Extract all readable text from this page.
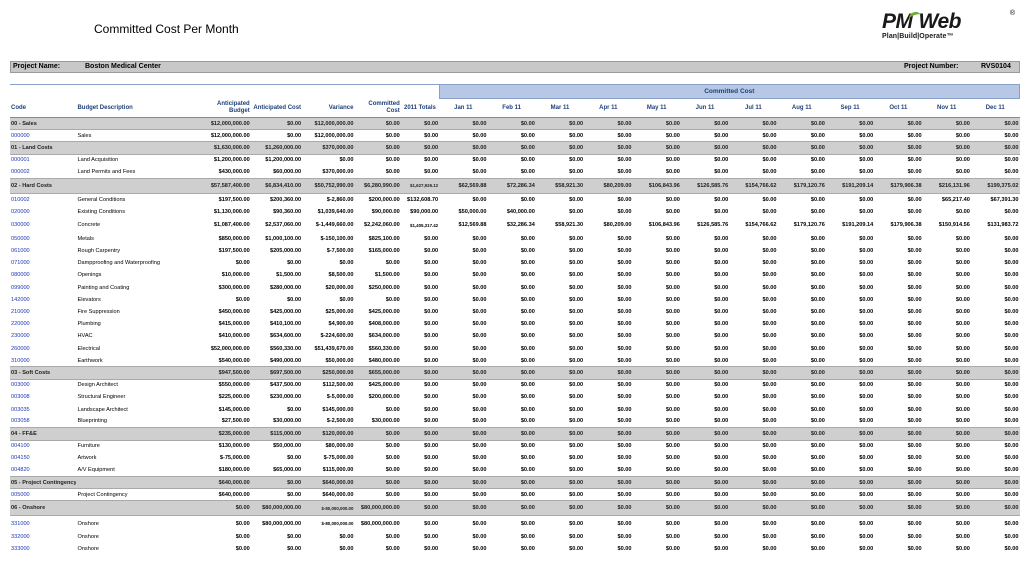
Committed Cost Per Month	PM Web
Plan|Build|Operate™
®
Project Name:	Boston Medical Center	Project Number:	RVS0104
							Committed Cost											
Code	Budget Description	Anticipated Budget	Anticipated Cost	Variance	Committed Cost	2011 Totals	Jan 11	Feb 11	Mar 11	Apr 11	May 11	Jun 11	Jul 11	Aug 11	Sep 11	Oct 11	Nov 11	Dec 11
00 - Sales		$12,000,000.00	$0.00	$12,000,000.00	$0.00	$0.00	$0.00	$0.00	$0.00	$0.00	$0.00	$0.00	$0.00	$0.00	$0.00	$0.00	$0.00	$0.00
000000	Sales	$12,000,000.00	$0.00	$12,000,000.00	$0.00	$0.00	$0.00	$0.00	$0.00	$0.00	$0.00	$0.00	$0.00	$0.00	$0.00	$0.00	$0.00	$0.00
01 - Land Costs		$1,630,000.00	$1,260,000.00	$370,000.00	$0.00	$0.00	$0.00	$0.00	$0.00	$0.00	$0.00	$0.00	$0.00	$0.00	$0.00	$0.00	$0.00	$0.00
000001	Land Acquisition	$1,200,000.00	$1,200,000.00	$0.00	$0.00	$0.00	$0.00	$0.00	$0.00	$0.00	$0.00	$0.00	$0.00	$0.00	$0.00	$0.00	$0.00	$0.00
000002	Land Permits and Fees	$430,000.00	$60,000.00	$370,000.00	$0.00	$0.00	$0.00	$0.00	$0.00	$0.00	$0.00	$0.00	$0.00	$0.00	$0.00	$0.00	$0.00	$0.00
02 - Hard Costs		$57,587,400.00	$6,834,410.00	$50,752,990.00	$6,280,990.00	$1,627,926.12	$62,569.88	$72,286.34	$58,921.30	$80,209.00	$106,843.96	$126,585.76	$154,766.62	$179,120.76	$191,209.14	$179,906.38	$216,131.96	$199,375.02
010002	General Conditions	$197,500.00	$200,360.00	$-2,860.00	$200,000.00	$132,608.70	$0.00	$0.00	$0.00	$0.00	$0.00	$0.00	$0.00	$0.00	$0.00	$0.00	$65,217.40	$67,391.30
020000	Existing Conditions	$1,130,000.00	$90,360.00	$1,039,640.00	$90,000.00	$90,000.00	$50,000.00	$40,000.00	$0.00	$0.00	$0.00	$0.00	$0.00	$0.00	$0.00	$0.00	$0.00	$0.00
030000	Concrete	$1,087,400.00	$2,537,060.00	$-1,449,660.00	$2,242,060.00	$1,405,317.42	$12,569.88	$32,286.34	$58,921.30	$80,209.00	$106,843.96	$126,585.76	$154,766.62	$179,120.76	$191,209.14	$179,906.38	$150,914.56	$131,983.72
050000	Metals	$850,000.00	$1,000,100.00	$-150,100.00	$825,100.00	$0.00	$0.00	$0.00	$0.00	$0.00	$0.00	$0.00	$0.00	$0.00	$0.00	$0.00	$0.00	$0.00
061000	Rough Carpentry	$197,500.00	$205,000.00	$-7,500.00	$165,000.00	$0.00	$0.00	$0.00	$0.00	$0.00	$0.00	$0.00	$0.00	$0.00	$0.00	$0.00	$0.00	$0.00
071000	Dampproofing and Waterproofing	$0.00	$0.00	$0.00	$0.00	$0.00	$0.00	$0.00	$0.00	$0.00	$0.00	$0.00	$0.00	$0.00	$0.00	$0.00	$0.00	$0.00
080000	Openings	$10,000.00	$1,500.00	$8,500.00	$1,500.00	$0.00	$0.00	$0.00	$0.00	$0.00	$0.00	$0.00	$0.00	$0.00	$0.00	$0.00	$0.00	$0.00
099000	Painting and Coating	$300,000.00	$280,000.00	$20,000.00	$250,000.00	$0.00	$0.00	$0.00	$0.00	$0.00	$0.00	$0.00	$0.00	$0.00	$0.00	$0.00	$0.00	$0.00
142000	Elevators	$0.00	$0.00	$0.00	$0.00	$0.00	$0.00	$0.00	$0.00	$0.00	$0.00	$0.00	$0.00	$0.00	$0.00	$0.00	$0.00	$0.00
210000	Fire Suppression	$450,000.00	$425,000.00	$25,000.00	$425,000.00	$0.00	$0.00	$0.00	$0.00	$0.00	$0.00	$0.00	$0.00	$0.00	$0.00	$0.00	$0.00	$0.00
220000	Plumbing	$415,000.00	$410,100.00	$4,900.00	$408,000.00	$0.00	$0.00	$0.00	$0.00	$0.00	$0.00	$0.00	$0.00	$0.00	$0.00	$0.00	$0.00	$0.00
230000	HVAC	$410,000.00	$634,600.00	$-224,600.00	$634,000.00	$0.00	$0.00	$0.00	$0.00	$0.00	$0.00	$0.00	$0.00	$0.00	$0.00	$0.00	$0.00	$0.00
260000	Electrical	$52,000,000.00	$560,330.00	$51,439,670.00	$560,330.00	$0.00	$0.00	$0.00	$0.00	$0.00	$0.00	$0.00	$0.00	$0.00	$0.00	$0.00	$0.00	$0.00
310000	Earthwork	$540,000.00	$490,000.00	$50,000.00	$480,000.00	$0.00	$0.00	$0.00	$0.00	$0.00	$0.00	$0.00	$0.00	$0.00	$0.00	$0.00	$0.00	$0.00
03 - Soft Costs		$947,500.00	$697,500.00	$250,000.00	$655,000.00	$0.00	$0.00	$0.00	$0.00	$0.00	$0.00	$0.00	$0.00	$0.00	$0.00	$0.00	$0.00	$0.00
003000	Design Architect	$550,000.00	$437,500.00	$112,500.00	$425,000.00	$0.00	$0.00	$0.00	$0.00	$0.00	$0.00	$0.00	$0.00	$0.00	$0.00	$0.00	$0.00	$0.00
003008	Structural Engineer	$225,000.00	$230,000.00	$-5,000.00	$200,000.00	$0.00	$0.00	$0.00	$0.00	$0.00	$0.00	$0.00	$0.00	$0.00	$0.00	$0.00	$0.00	$0.00
003035	Landscape Architect	$145,000.00	$0.00	$145,000.00	$0.00	$0.00	$0.00	$0.00	$0.00	$0.00	$0.00	$0.00	$0.00	$0.00	$0.00	$0.00	$0.00	$0.00
003058	Blueprinting	$27,500.00	$30,000.00	$-2,500.00	$30,000.00	$0.00	$0.00	$0.00	$0.00	$0.00	$0.00	$0.00	$0.00	$0.00	$0.00	$0.00	$0.00	$0.00
04 - FF&E		$235,000.00	$115,000.00	$120,000.00	$0.00	$0.00	$0.00	$0.00	$0.00	$0.00	$0.00	$0.00	$0.00	$0.00	$0.00	$0.00	$0.00	$0.00
004100	Furniture	$130,000.00	$50,000.00	$80,000.00	$0.00	$0.00	$0.00	$0.00	$0.00	$0.00	$0.00	$0.00	$0.00	$0.00	$0.00	$0.00	$0.00	$0.00
004150	Artwork	$-75,000.00	$0.00	$-75,000.00	$0.00	$0.00	$0.00	$0.00	$0.00	$0.00	$0.00	$0.00	$0.00	$0.00	$0.00	$0.00	$0.00	$0.00
004820	A/V Equipment	$180,000.00	$65,000.00	$115,000.00	$0.00	$0.00	$0.00	$0.00	$0.00	$0.00	$0.00	$0.00	$0.00	$0.00	$0.00	$0.00	$0.00	$0.00
05 - Project Contingency		$640,000.00	$0.00	$640,000.00	$0.00	$0.00	$0.00	$0.00	$0.00	$0.00	$0.00	$0.00	$0.00	$0.00	$0.00	$0.00	$0.00	$0.00
005000	Project Contingency	$640,000.00	$0.00	$640,000.00	$0.00	$0.00	$0.00	$0.00	$0.00	$0.00	$0.00	$0.00	$0.00	$0.00	$0.00	$0.00	$0.00	$0.00
06 - Onshore		$0.00	$80,000,000.00	$-80,000,000.00	$80,000,000.00	$0.00	$0.00	$0.00	$0.00	$0.00	$0.00	$0.00	$0.00	$0.00	$0.00	$0.00	$0.00	$0.00
331000	Onshore	$0.00	$80,000,000.00	$-80,000,000.00	$80,000,000.00	$0.00	$0.00	$0.00	$0.00	$0.00	$0.00	$0.00	$0.00	$0.00	$0.00	$0.00	$0.00	$0.00
332000	Onshore	$0.00	$0.00	$0.00	$0.00	$0.00	$0.00	$0.00	$0.00	$0.00	$0.00	$0.00	$0.00	$0.00	$0.00	$0.00	$0.00	$0.00
333000	Onshore	$0.00	$0.00	$0.00	$0.00	$0.00	$0.00	$0.00	$0.00	$0.00	$0.00	$0.00	$0.00	$0.00	$0.00	$0.00	$0.00	$0.00
